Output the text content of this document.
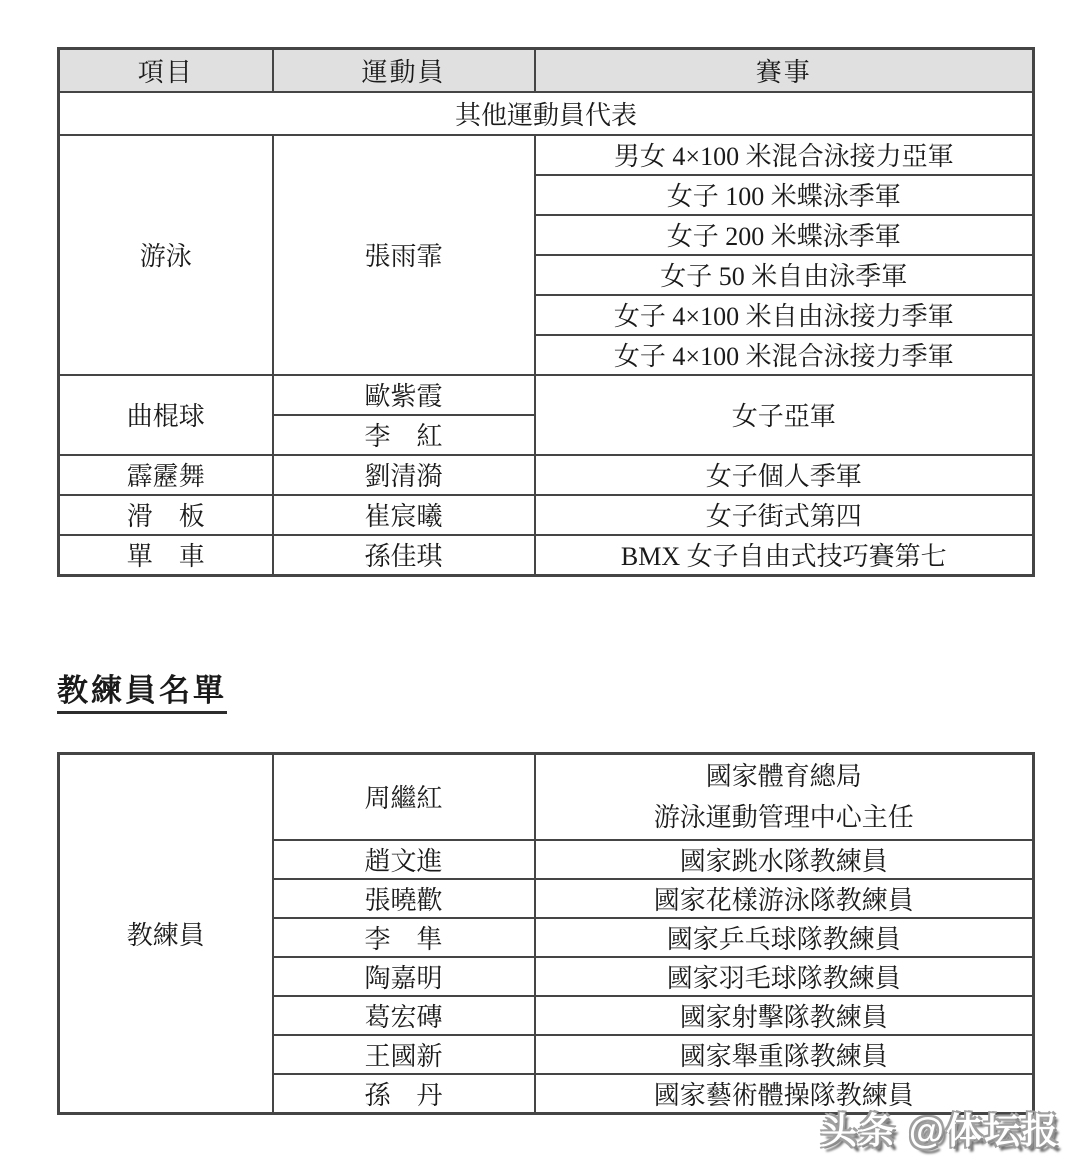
項目	運動員	賽事
其他運動員代表		
游泳	張雨霏	男女 4×100 米混合泳接力亞軍
		女子 100 米蝶泳季軍
		女子 200 米蝶泳季軍
		女子 50 米自由泳季軍
		女子 4×100 米自由泳接力季軍
		女子 4×100 米混合泳接力季軍
曲棍球	歐紫霞	女子亞軍
	李　紅	
霹靂舞	劉清漪	女子個人季軍
滑　板	崔宸曦	女子街式第四
單　車	孫佳琪	BMX 女子自由式技巧賽第七
教練員名單
教練員	周繼紅	國家體育總局
游泳運動管理中心主任

	趙文進	國家跳水隊教練員
	張曉歡	國家花樣游泳隊教練員
	李　隼	國家乒乓球隊教練員
	陶嘉明	國家羽毛球隊教練員
	葛宏磚	國家射擊隊教練員
	王國新	國家舉重隊教練員
	孫　丹	國家藝術體操隊教練員
头条 @体坛报
